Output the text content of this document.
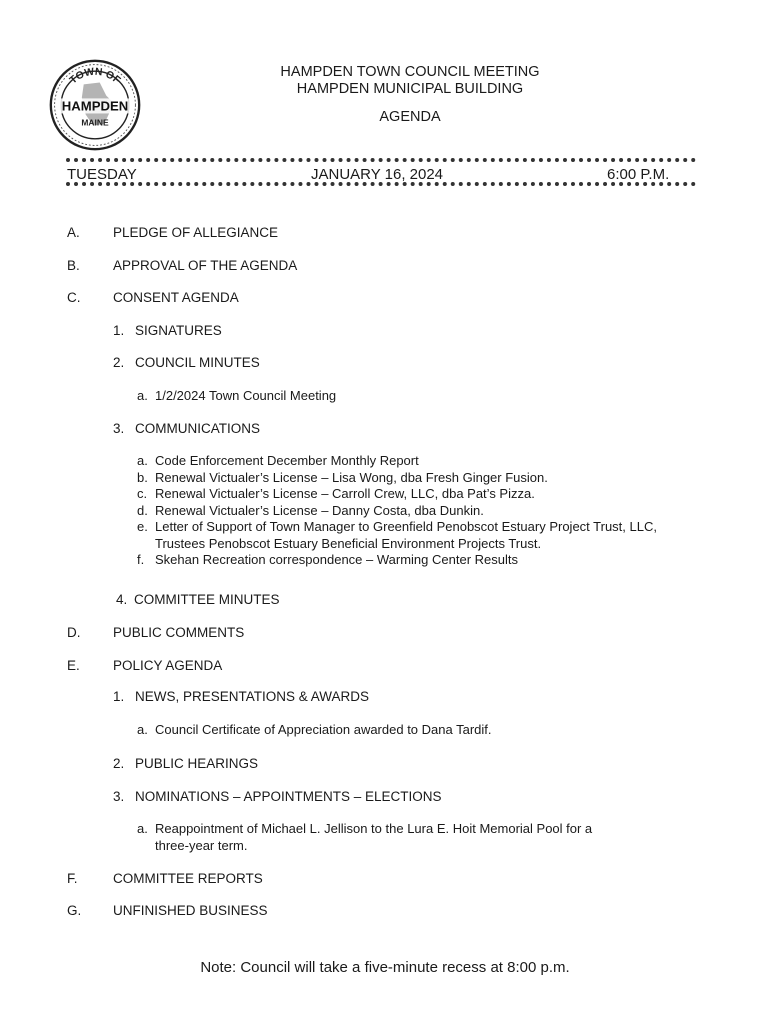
TOWN OF
HAMPDEN
MAINE
HAMPDEN TOWN COUNCIL MEETING
HAMPDEN MUNICIPAL BUILDING
AGENDA
TUESDAY	JANUARY 16, 2024	6:00 P.M.
A. PLEDGE OF ALLEGIANCE
B. APPROVAL OF THE AGENDA
C. CONSENT AGENDA
1. SIGNATURES
2. COUNCIL MINUTES
a. 1/2/2024 Town Council Meeting
3. COMMUNICATIONS
a. Code Enforcement December Monthly Report
b. Renewal Victualer’s License – Lisa Wong, dba Fresh Ginger Fusion.
c. Renewal Victualer’s License – Carroll Crew, LLC, dba Pat’s Pizza.
d. Renewal Victualer’s License – Danny Costa, dba Dunkin.
e. Letter of Support of Town Manager to Greenfield Penobscot Estuary Project Trust, LLC,
Trustees Penobscot Estuary Beneficial Environment Projects Trust.
f. Skehan Recreation correspondence – Warming Center Results
4. COMMITTEE MINUTES
D. PUBLIC COMMENTS
E. POLICY AGENDA
1. NEWS, PRESENTATIONS & AWARDS
a. Council Certificate of Appreciation awarded to Dana Tardif.
2. PUBLIC HEARINGS
3. NOMINATIONS – APPOINTMENTS – ELECTIONS
a. Reappointment of Michael L. Jellison to the Lura E. Hoit Memorial Pool for a
three-year term.
F.	COMMITTEE REPORTS
G. UNFINISHED BUSINESS
Note: Council will take a five-minute recess at 8:00 p.m.
